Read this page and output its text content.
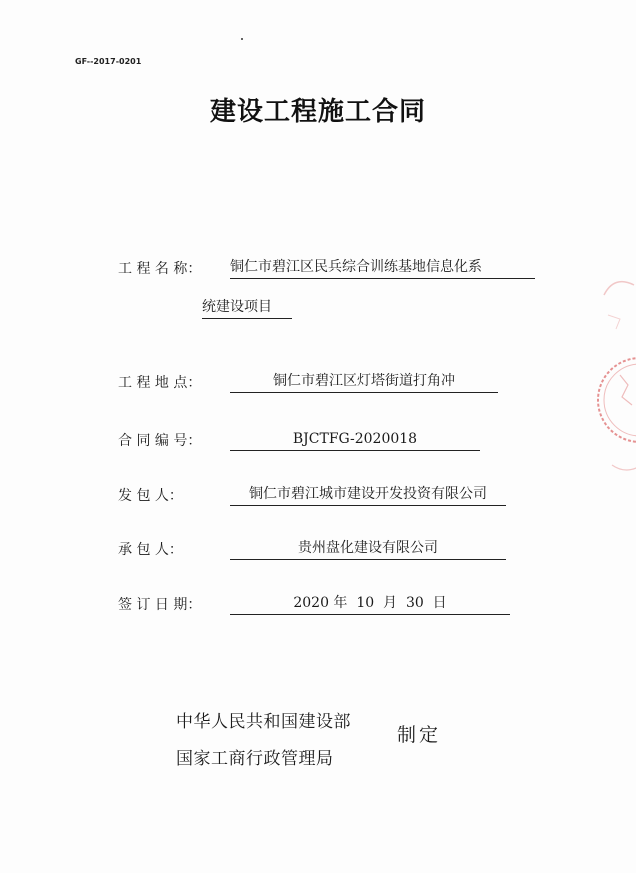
GF--2017-0201
建设工程施工合同
工 程 名 称： 铜仁市碧江区民兵综合训练基地信息化系
统建设项目
工 程 地 点：	铜仁市碧江区灯塔街道打角冲
合 同 编 号：	BJCTFG-2020018
发 包 人：	铜仁市碧江城市建设开发投资有限公司
承 包 人：	贵州盘化建设有限公司
签 订 日 期：	2020 年  10  月  30  日
中华人民共和国建设部
国家工商行政管理局
制定
